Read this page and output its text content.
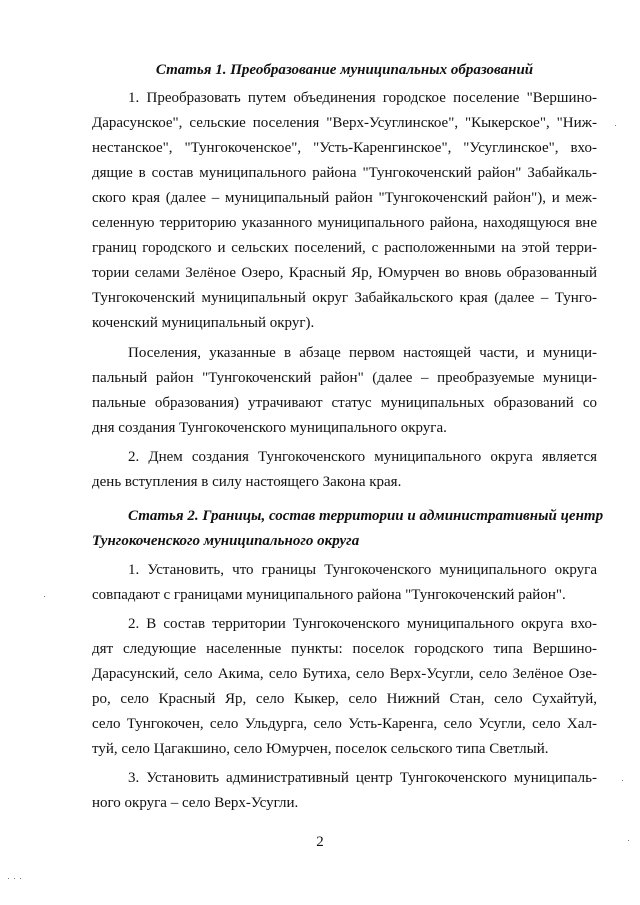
Статья 1. Преобразование муниципальных образований
1. Преобразовать путем объединения городское поселение "Вершино-
Дарасунское", сельские поселения "Верх-Усуглинское", "Кыкерское", "Ниж-
нестанское", "Тунгокоченское", "Усть-Каренгинское", "Усуглинское", вхо-
дящие в состав муниципального района "Тунгокоченский район" Забайкаль-
ского края (далее – муниципальный район "Тунгокоченский район"), и меж-
селенную территорию указанного муниципального района, находящуюся вне
границ городского и сельских поселений, с расположенными на этой терри-
тории селами Зелёное Озеро, Красный Яр, Юмурчен во вновь образованный
Тунгокоченский муниципальный округ Забайкальского края (далее – Тунго-
коченский муниципальный округ).
Поселения, указанные в абзаце первом настоящей части, и муници-
пальный район "Тунгокоченский район" (далее – преобразуемые муници-
пальные образования) утрачивают статус муниципальных образований со
дня создания Тунгокоченского муниципального округа.
2. Днем создания Тунгокоченского муниципального округа является
день вступления в силу настоящего Закона края.
Статья 2. Границы, состав территории и административный центр
Тунгокоченского муниципального округа
1. Установить, что границы Тунгокоченского муниципального округа
совпадают с границами муниципального района "Тунгокоченский район".
2. В состав территории Тунгокоченского муниципального округа вхо-
дят следующие населенные пункты: поселок городского типа Вершино-
Дарасунский, село Акима, село Бутиха, село Верх-Усугли, село Зелёное Озе-
ро, село Красный Яр, село Кыкер, село Нижний Стан, село Сухайтуй,
село Тунгокочен, село Ульдурга, село Усть-Каренга, село Усугли, село Хал-
туй, село Цагакшино, село Юмурчен, поселок сельского типа Светлый.
3. Установить административный центр Тунгокоченского муниципаль-
ного округа – село Верх-Усугли.
2
